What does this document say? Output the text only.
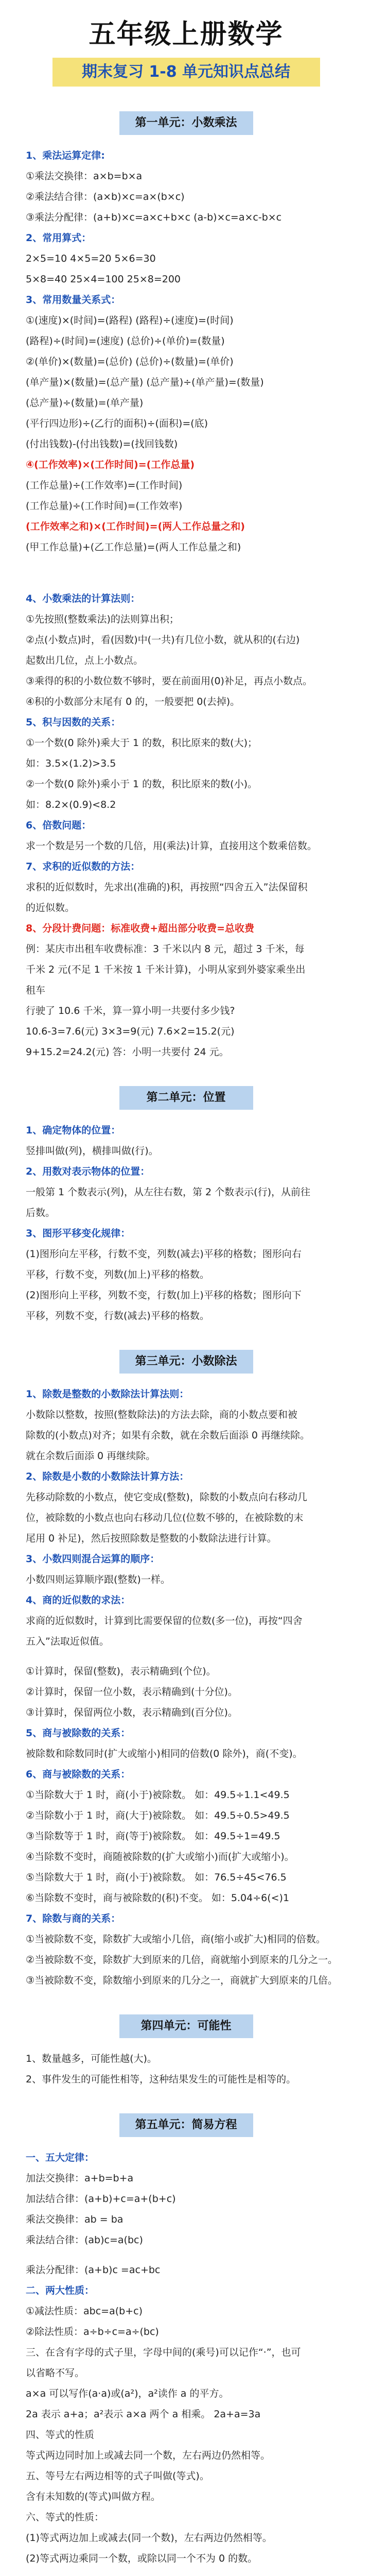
五年级上册数学
期末复习 1-8 单元知识点总结
第一单元：小数乘法
1、乘法运算定律:
①乘法交换律：a×b=b×a
②乘法结合律：(a×b)×c=a×(b×c)
③乘法分配律：(a+b)×c=a×c+b×c (a-b)×c=a×c-b×c
2、常用算式：
2×5=10 4×5=20 5×6=30
5×8=40 25×4=100 25×8=200
3、常用数量关系式：
①(速度)×(时间)=(路程) (路程)÷(速度)=(时间)
(路程)÷(时间)=(速度) (总价)÷(单价)=(数量)
②(单价)×(数量)=(总价) (总价)÷(数量)=(单价)
(单产量)×(数量)=(总产量) (总产量)÷(单产量)=(数量)
(总产量)÷(数量)=(单产量)
(平行四边形)÷(乙行的面积)÷(面积)=(底)
(付出钱数)-(付出钱数)=(找回钱数)
④(工作效率)×(工作时间)=(工作总量)
(工作总量)÷(工作效率)=(工作时间)
(工作总量)÷(工作时间)=(工作效率)
(工作效率之和)×(工作时间)=(两人工作总量之和)
(甲工作总量)+(乙工作总量)=(两人工作总量之和)
4、小数乘法的计算法则：
①先按照(整数乘法)的法则算出积；
②点(小数点)时，看(因数)中(一共)有几位小数，就从积的(右边)
起数出几位，点上小数点。
③乘得的积的小数位数不够时，要在前面用(0)补足，再点小数点。
④积的小数部分末尾有 0 的，一般要把 0(去掉)。
5、积与因数的关系：
①一个数(0 除外)乘大于 1 的数，积比原来的数(大)；
如：3.5×(1.2)>3.5
②一个数(0 除外)乘小于 1 的数，积比原来的数(小)。
如：8.2×(0.9)<8.2
6、倍数问题：
求一个数是另一个数的几倍，用(乘法)计算，直接用这个数乘倍数。
7、求积的近似数的方法：
求积的近似数时，先求出(准确的)积，再按照“四舍五入”法保留积
的近似数。
8、分段计费问题：标准收费+超出部分收费=总收费
例：某庆市出租车收费标准：3 千米以内 8 元，超过 3 千米，每
千米 2 元(不足 1 千米按 1 千米计算)，小明从家到外婆家乘坐出
租车
行驶了 10.6 千米，算一算小明一共要付多少钱?
10.6-3=7.6(元) 3×3=9(元) 7.6×2=15.2(元)
9+15.2=24.2(元) 答：小明一共要付 24 元。
第二单元：位置
1、确定物体的位置：
竖排叫做(列)，横排叫做(行)。
2、用数对表示物体的位置：
一般第 1 个数表示(列)，从左往右数，第 2 个数表示(行)，从前往
后数。
3、图形平移变化规律：
(1)图形向左平移，行数不变，列数(减去)平移的格数；图形向右
平移，行数不变，列数(加上)平移的格数。
(2)图形向上平移，列数不变，行数(加上)平移的格数；图形向下
平移，列数不变，行数(减去)平移的格数。
第三单元：小数除法
1、除数是整数的小数除法计算法则：
小数除以整数，按照(整数除法)的方法去除，商的小数点要和被
除数的(小数点)对齐；如果有余数，就在余数后面添 0 再继续除。
就在余数后面添 0 再继续除。
2、除数是小数的小数除法计算方法：
先移动除数的小数点，使它变成(整数)，除数的小数点向右移动几
位，被除数的小数点也向右移动几位(位数不够的，在被除数的末
尾用 0 补足)，然后按照除数是整数的小数除法进行计算。
3、小数四则混合运算的顺序：
小数四则运算顺序跟(整数)一样。
4、商的近似数的求法：
求商的近似数时，计算到比需要保留的位数(多一位)，再按“四舍
五入”法取近似值。
①计算时，保留(整数)，表示精确到(个位)。
②计算时，保留一位小数，表示精确到(十分位)。
③计算时，保留两位小数，表示精确到(百分位)。
5、商与被除数的关系：
被除数和除数同时(扩大或缩小)相同的倍数(0 除外)，商(不变)。
6、商与被除数的关系：
①当除数大于 1 时，商(小于)被除数。 如：49.5÷1.1<49.5
②当除数小于 1 时，商(大于)被除数。 如：49.5÷0.5>49.5
③当除数等于 1 时，商(等于)被除数。 如：49.5÷1=49.5
④当除数不变时，商随被除数的(扩大或缩小)而(扩大或缩小)。
⑤当除数大于 1 时，商(小于)被除数。 如：76.5÷45<76.5
⑥当除数不变时，商与被除数的(积)不变。 如：5.04÷6(<)1
7、除数与商的关系：
①当被除数不变，除数扩大或缩小几倍，商(缩小或扩大)相同的倍数。
②当被除数不变，除数扩大到原来的几倍，商就缩小到原来的几分之一。
③当被除数不变，除数缩小到原来的几分之一，商就扩大到原来的几倍。
第四单元：可能性
1、数量越多，可能性越(大)。
2、事件发生的可能性相等，这种结果发生的可能性是相等的。
第五单元：简易方程
一、五大定律：
加法交换律：a+b=b+a
加法结合律：(a+b)+c=a+(b+c)
乘法交换律：ab = ba
乘法结合律：(ab)c=a(bc)
乘法分配律：(a+b)c =ac+bc
二、两大性质：
①减法性质：abc=a(b+c)
②除法性质：a÷b÷c=a÷(bc)
三、在含有字母的式子里，字母中间的(乘号)可以记作“·”，也可
以省略不写。
a×a 可以写作(a·a)或(a²)，a²读作 a 的平方。
2a 表示 a+a；a²表示 a×a 两个 a 相乘。 2a+a=3a
四、等式的性质
等式两边同时加上或减去同一个数，左右两边仍然相等。
五、等号左右两边相等的式子叫做(等式)。
含有未知数的(等式)叫做方程。
六、等式的性质：
(1)等式两边加上或减去(同一个数)，左右两边仍然相等。
(2)等式两边乘同一个数，或除以同一个不为 0 的数。
